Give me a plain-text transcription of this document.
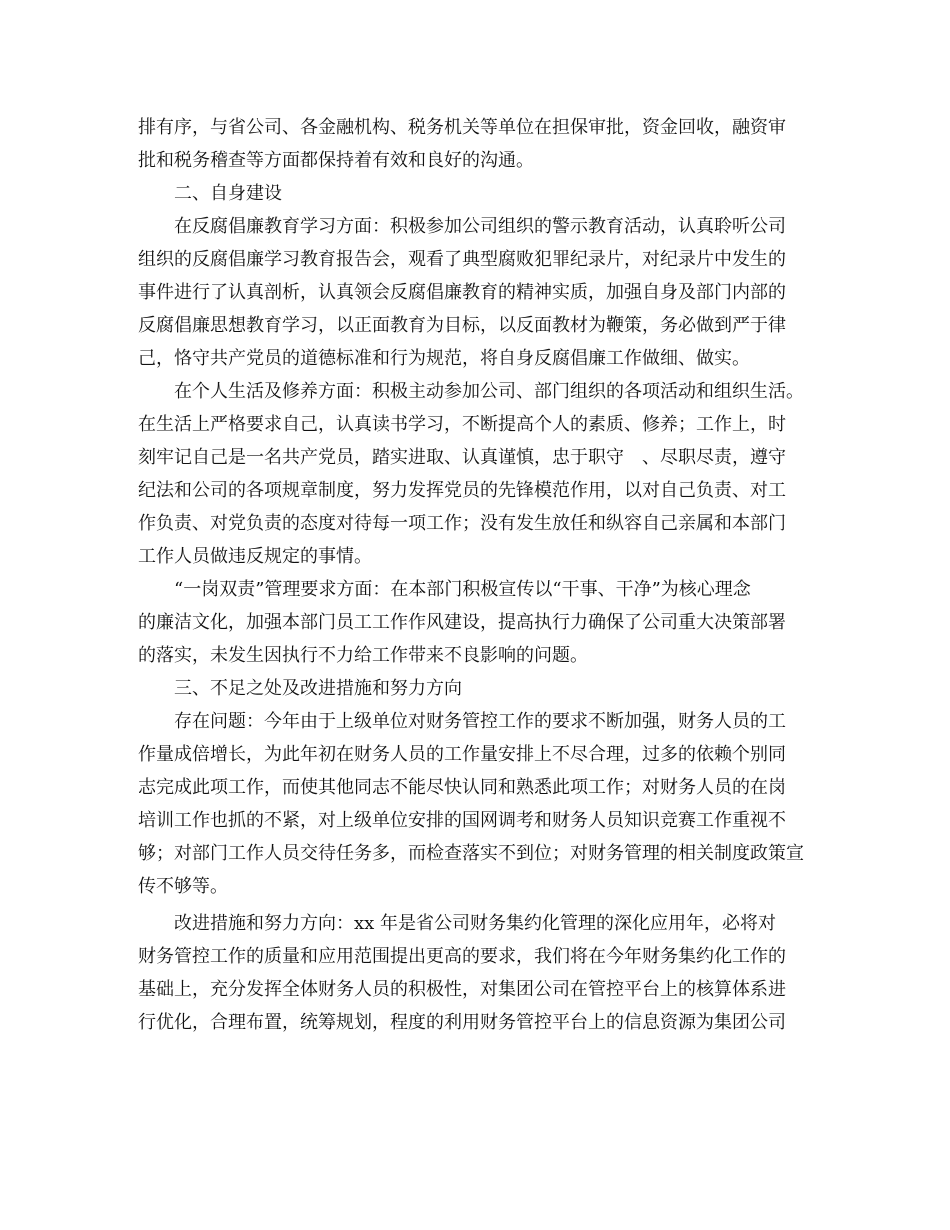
排有序，与省公司、各金融机构、税务机关等单位在担保审批，资金回收，融资审
批和税务稽查等方面都保持着有效和良好的沟通。
　　二、自身建设
　　在反腐倡廉教育学习方面：积极参加公司组织的警示教育活动，认真聆听公司
组织的反腐倡廉学习教育报告会，观看了典型腐败犯罪纪录片，对纪录片中发生的
事件进行了认真剖析，认真领会反腐倡廉教育的精神实质，加强自身及部门内部的
反腐倡廉思想教育学习，以正面教育为目标，以反面教材为鞭策，务必做到严于律
己，恪守共产党员的道德标准和行为规范，将自身反腐倡廉工作做细、做实。
　　在个人生活及修养方面：积极主动参加公司、部门组织的各项活动和组织生活。
在生活上严格要求自己，认真读书学习，不断提高个人的素质、修养；工作上，时
刻牢记自己是一名共产党员，踏实进取、认真谨慎，忠于职守　、尽职尽责，遵守
纪法和公司的各项规章制度，努力发挥党员的先锋模范作用，以对自己负责、对工
作负责、对党负责的态度对待每一项工作；没有发生放任和纵容自己亲属和本部门
工作人员做违反规定的事情。
　　“一岗双责”管理要求方面：在本部门积极宣传以“干事、干净”为核心理念
的廉洁文化，加强本部门员工工作作风建设，提高执行力确保了公司重大决策部署
的落实，未发生因执行不力给工作带来不良影响的问题。
　　三、不足之处及改进措施和努力方向
　　存在问题：今年由于上级单位对财务管控工作的要求不断加强，财务人员的工
作量成倍增长，为此年初在财务人员的工作量安排上不尽合理，过多的依赖个别同
志完成此项工作，而使其他同志不能尽快认同和熟悉此项工作；对财务人员的在岗
培训工作也抓的不紧，对上级单位安排的国网调考和财务人员知识竞赛工作重视不
够；对部门工作人员交待任务多，而检查落实不到位；对财务管理的相关制度政策宣
传不够等。
　　改进措施和努力方向：xx 年是省公司财务集约化管理的深化应用年，必将对
财务管控工作的质量和应用范围提出更高的要求，我们将在今年财务集约化工作的
基础上，充分发挥全体财务人员的积极性，对集团公司在管控平台上的核算体系进
行优化，合理布置，统筹规划，程度的利用财务管控平台上的信息资源为集团公司
